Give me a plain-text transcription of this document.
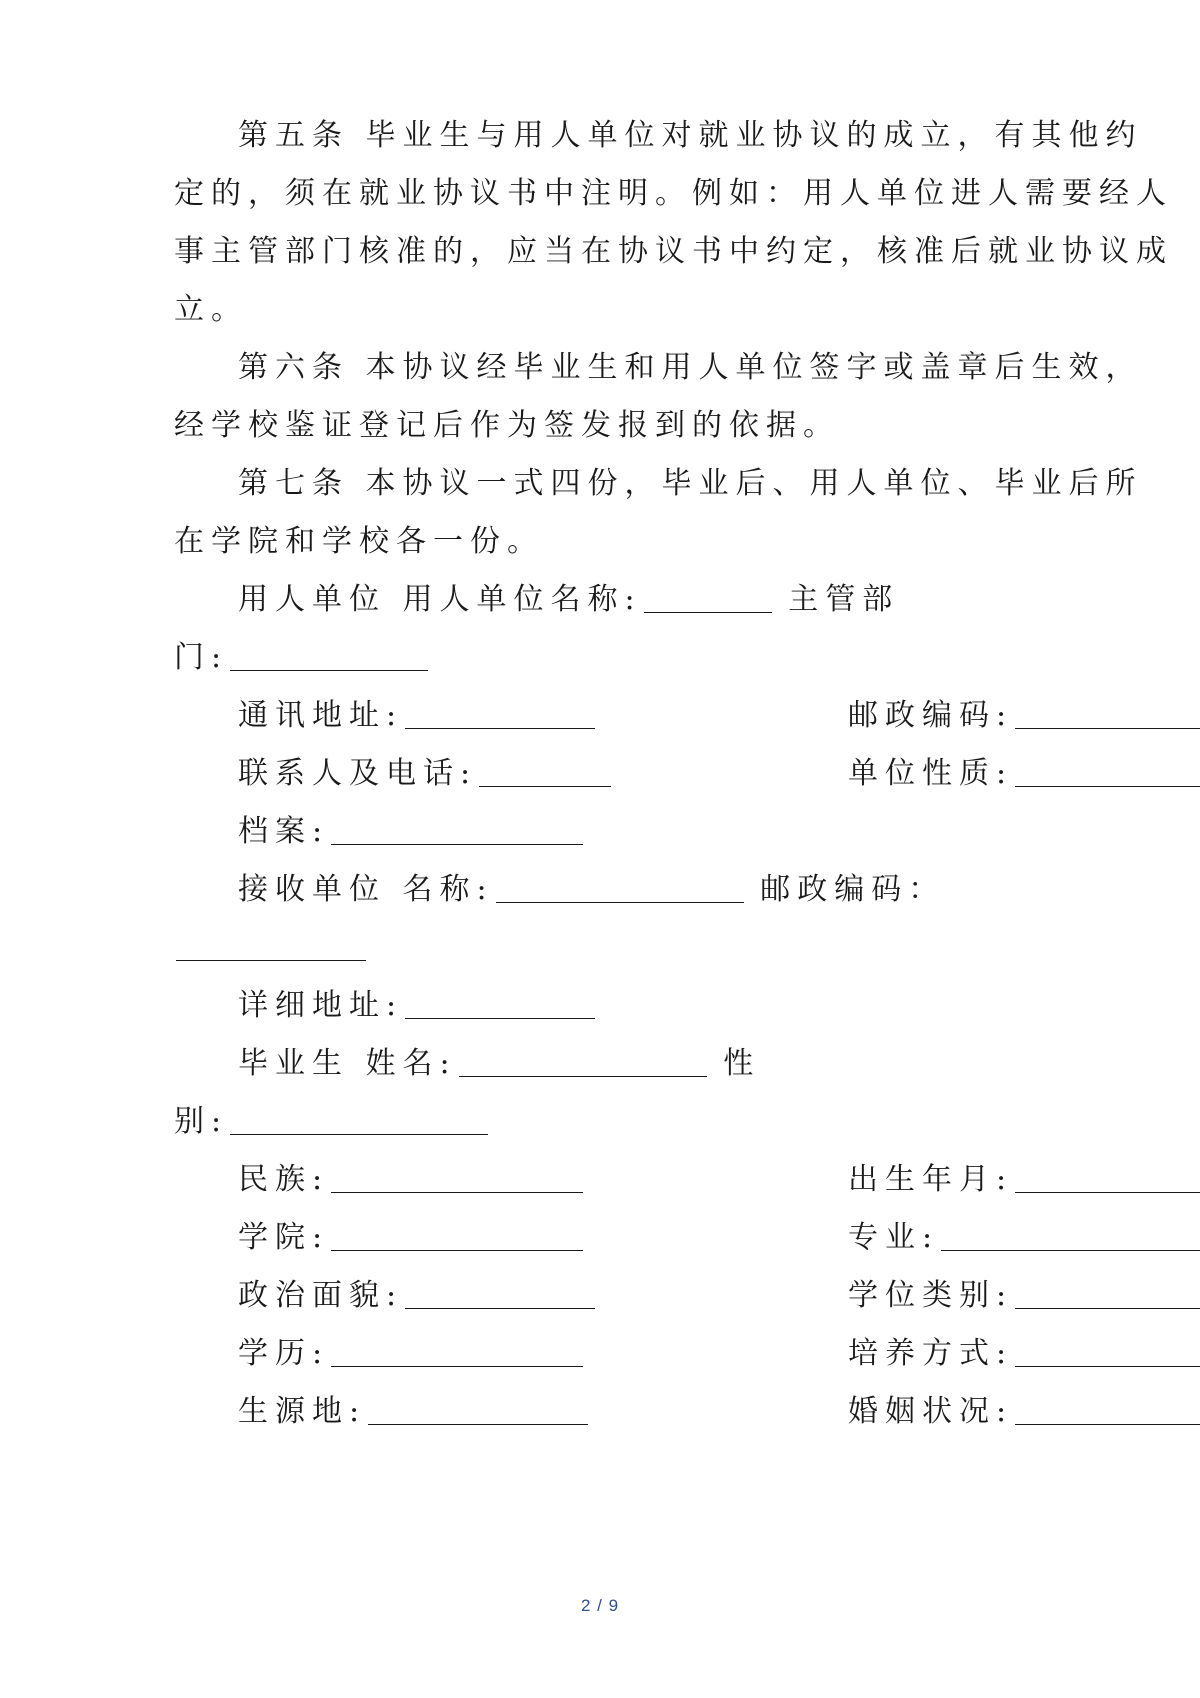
第五条 毕业生与用人单位对就业协议的成立，有其他约
定的，须在就业协议书中注明。例如：用人单位进人需要经人
事主管部门核准的，应当在协议书中约定，核准后就业协议成
立。
第六条 本协议经毕业生和用人单位签字或盖章后生效，
经学校鉴证登记后作为签发报到的依据。
第七条 本协议一式四份，毕业后、用人单位、毕业后所
在学院和学校各一份。
用人单位 用人单位名称:	主管部
门:
通讯地址:	邮政编码:
联系人及电话:	单位性质:
档案:
接收单位 名称:	邮政编码：
详细地址:
毕业生 姓名:	性
别:
民族:	出生年月:
学院:	专业:
政治面貌:	学位类别:
学历:	培养方式:
生源地:	婚姻状况:
2 / 9
